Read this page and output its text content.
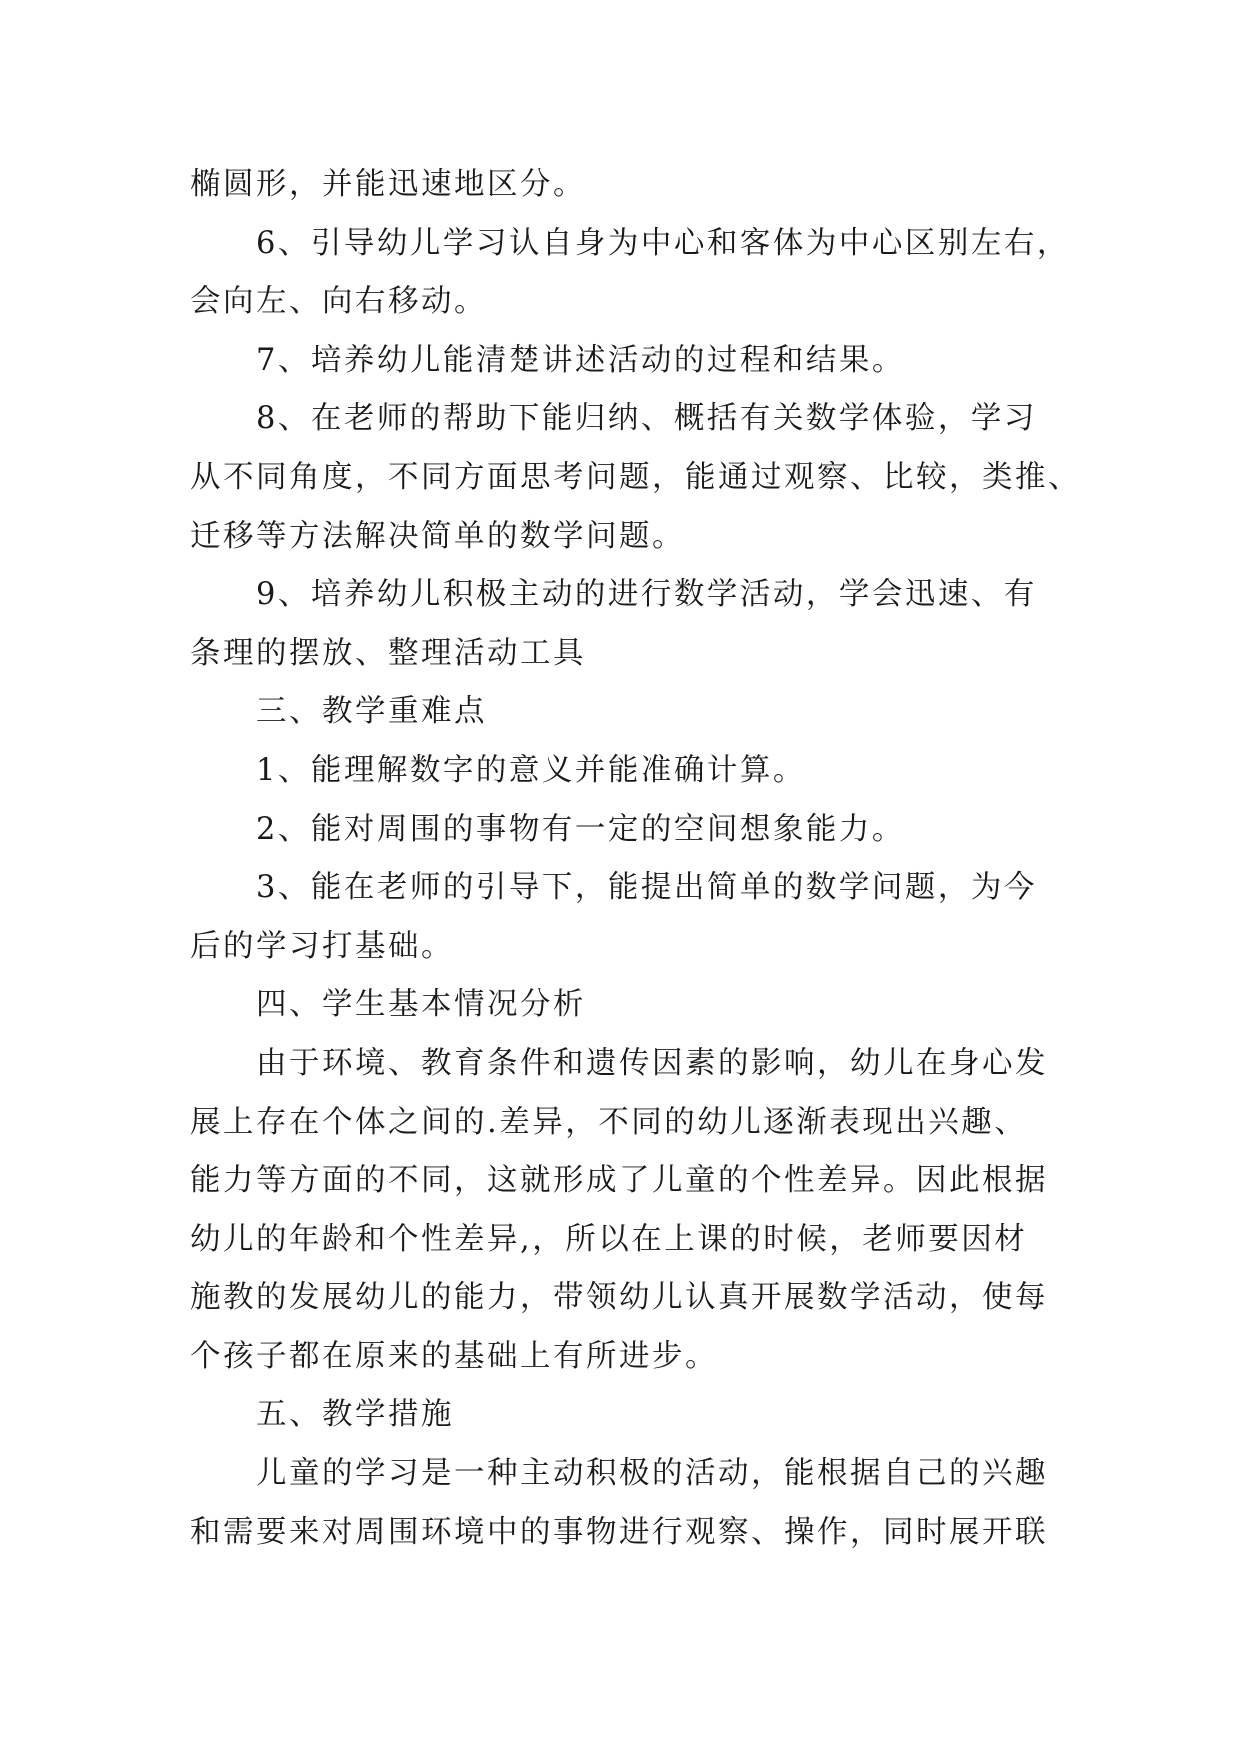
椭圆形，并能迅速地区分。
6、引导幼儿学习认自身为中心和客体为中心区别左右，
会向左、向右移动。
7、培养幼儿能清楚讲述活动的过程和结果。
8、在老师的帮助下能归纳、概括有关数学体验，学习
从不同角度，不同方面思考问题，能通过观察、比较，类推、
迁移等方法解决简单的数学问题。
9、培养幼儿积极主动的进行数学活动，学会迅速、有
条理的摆放、整理活动工具
三、教学重难点
1、能理解数字的意义并能准确计算。
2、能对周围的事物有一定的空间想象能力。
3、能在老师的引导下，能提出简单的数学问题，为今
后的学习打基础。
四、学生基本情况分析
由于环境、教育条件和遗传因素的影响，幼儿在身心发
展上存在个体之间的.差异，不同的幼儿逐渐表现出兴趣、
能力等方面的不同，这就形成了儿童的个性差异。因此根据
幼儿的年龄和个性差异,，所以在上课的时候，老师要因材
施教的发展幼儿的能力，带领幼儿认真开展数学活动，使每
个孩子都在原来的基础上有所进步。
五、教学措施
儿童的学习是一种主动积极的活动，能根据自己的兴趣
和需要来对周围环境中的事物进行观察、操作，同时展开联
